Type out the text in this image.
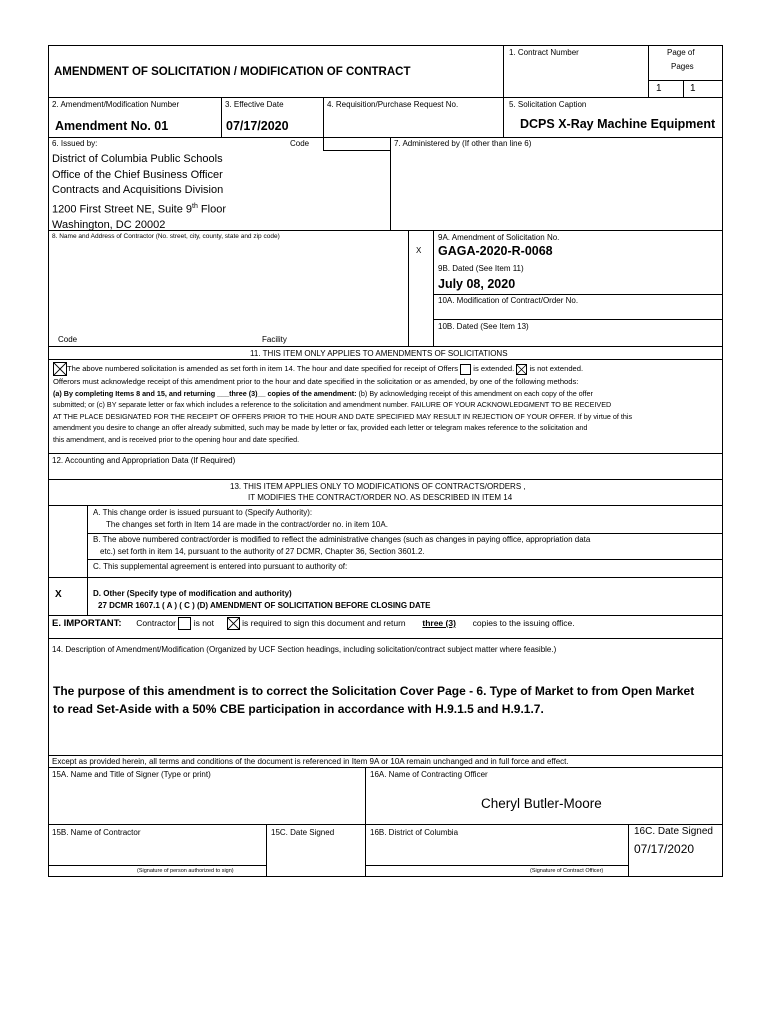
AMENDMENT OF SOLICITATION / MODIFICATION OF CONTRACT
1. Contract Number	Page of
Pages
1	1
2. Amendment/Modification Number
Amendment No. 01
3. Effective Date
07/17/2020
4. Requisition/Purchase Request No.	5. Solicitation Caption
DCPS X-Ray Machine Equipment
6. Issued by:	Code
District of Columbia Public Schools
Office of the Chief Business Officer
Contracts and Acquisitions Division
1200 First Street NE, Suite 9th Floor
Washington, DC 20002
7. Administered by (If other than line 6)
8. Name and Address of Contractor (No. street, city, county, state and zip code)
X
9A. Amendment of Solicitation No.
GAGA-2020-R-0068
9B. Dated (See Item 11)
July 08, 2020
10A. Modification of Contract/Order No.
10B. Dated (See Item 13)
Code	Facility
11. THIS ITEM ONLY APPLIES TO AMENDMENTS OF SOLICITATIONS
The above numbered solicitation is amended as set forth in item 14. The hour and date specified for receipt of Offers is extended. is not extended.
Offerors must acknowledge receipt of this amendment prior to the hour and date specified in the solicitation or as amended, by one of the following methods:
(a) By completing Items 8 and 15, and returning ___three (3)__ copies of the amendment: (b) By acknowledging receipt of this amendment on each copy of the offer
submitted; or (c) BY separate letter or fax which includes a reference to the solicitation and amendment number. FAILURE OF YOUR ACKNOWLEDGMENT TO BE RECEIVED
AT THE PLACE DESIGNATED FOR THE RECEIPT OF OFFERS PRIOR TO THE HOUR AND DATE SPECIFIED MAY RESULT IN REJECTION OF YOUR OFFER. If by virtue of this
amendment you desire to change an offer already submitted, such may be made by letter or fax, provided each letter or telegram makes reference to the solicitation and
this amendment, and is received prior to the opening hour and date specified.
12. Accounting and Appropriation Data (If Required)
13. THIS ITEM APPLIES ONLY TO MODIFICATIONS OF CONTRACTS/ORDERS ,
IT MODIFIES THE CONTRACT/ORDER NO. AS DESCRIBED IN ITEM 14
A. This change order is issued pursuant to (Specify Authority):
The changes set forth in Item 14 are made in the contract/order no. in item 10A.
B. The above numbered contract/order is modified to reflect the administrative changes (such as changes in paying office, appropriation data
etc.) set forth in item 14, pursuant to the authority of 27 DCMR, Chapter 36, Section 3601.2.
C. This supplemental agreement is entered into pursuant to authority of:
X	D. Other (Specify type of modification and authority)
27 DCMR 1607.1 ( A ) ( C ) (D) AMENDMENT OF SOLICITATION BEFORE CLOSING DATE
E. IMPORTANT: Contractor is not	is required to sign this document and return three (3) copies to the issuing office.
14. Description of Amendment/Modification (Organized by UCF Section headings, including solicitation/contract subject matter where feasible.)
The purpose of this amendment is to correct the Solicitation Cover Page - 6. Type of Market to from Open Market
to read Set-Aside with a 50% CBE participation in accordance with H.9.1.5 and H.9.1.7.
Except as provided herein, all terms and conditions of the document is referenced in Item 9A or 10A remain unchanged and in full force and effect.
15A. Name and Title of Signer (Type or print)	16A. Name of Contracting Officer
Cheryl Butler-Moore
15B. Name of Contractor	15C. Date Signed	16B. District of Columbia	16C. Date Signed
07/17/2020
(Signature of person authorized to sign)	(Signature of Contract Officer)
